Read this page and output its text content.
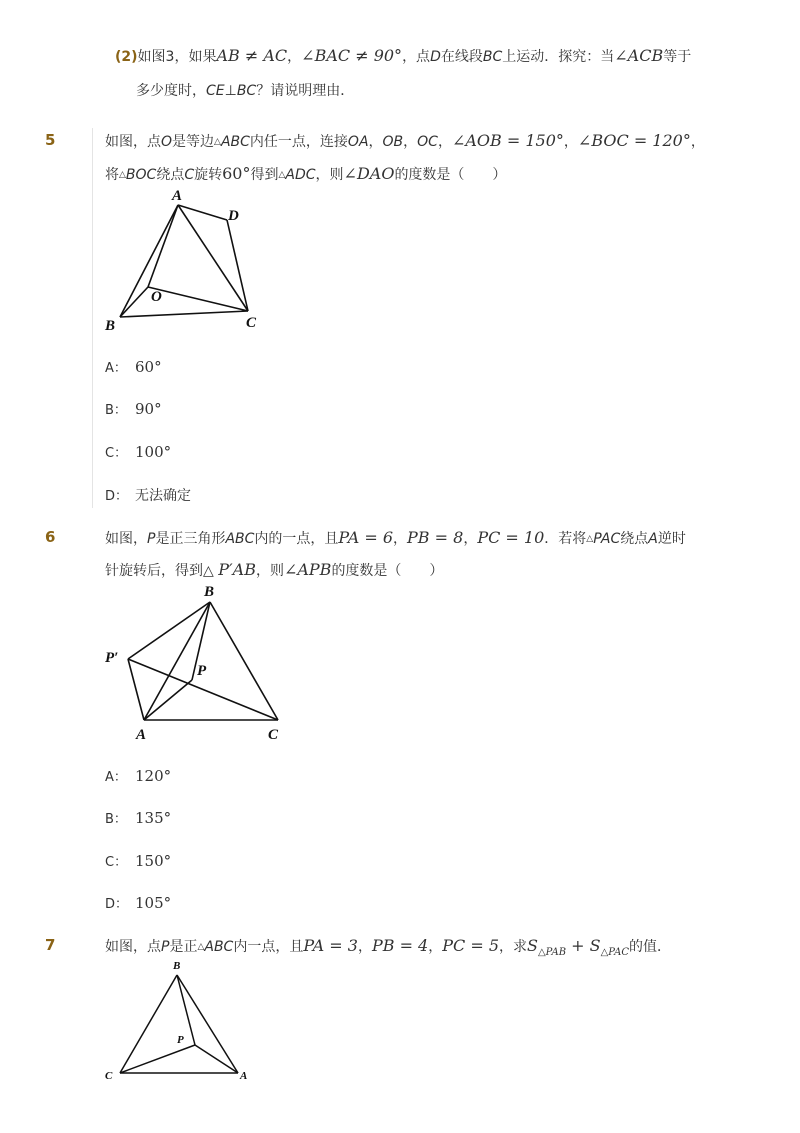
(2)如图3，如果AB ≠ AC，∠BAC ≠ 90°，点D在线段BC上运动．探究：当∠ACB等于
多少度时，CE⊥BC？请说明理由．
5	如图，点O是等边△ABC内任一点，连接OA，OB，OC，∠AOB = 150°，∠BOC = 120°，
将△BOC绕点C旋转60°得到△ADC，则∠DAO的度数是（　　）
A
D
O
B	C
A： 60°
B： 90°
C： 100°
D： 无法确定
6	如图，P是正三角形ABC内的一点，且PA = 6，PB = 8，PC = 10．若将△PAC绕点A逆时
针旋转后，得到△ P′AB，则∠APB的度数是（　　）
B
P′
P
A	C
A： 120°
B： 135°
C： 150°
D： 105°
7	如图，点P是正△ABC内一点，且PA = 3，PB = 4，PC = 5，求$S_{\triangle PAB} + S_{\triangle PAC}$的值．
B
P
C	A
